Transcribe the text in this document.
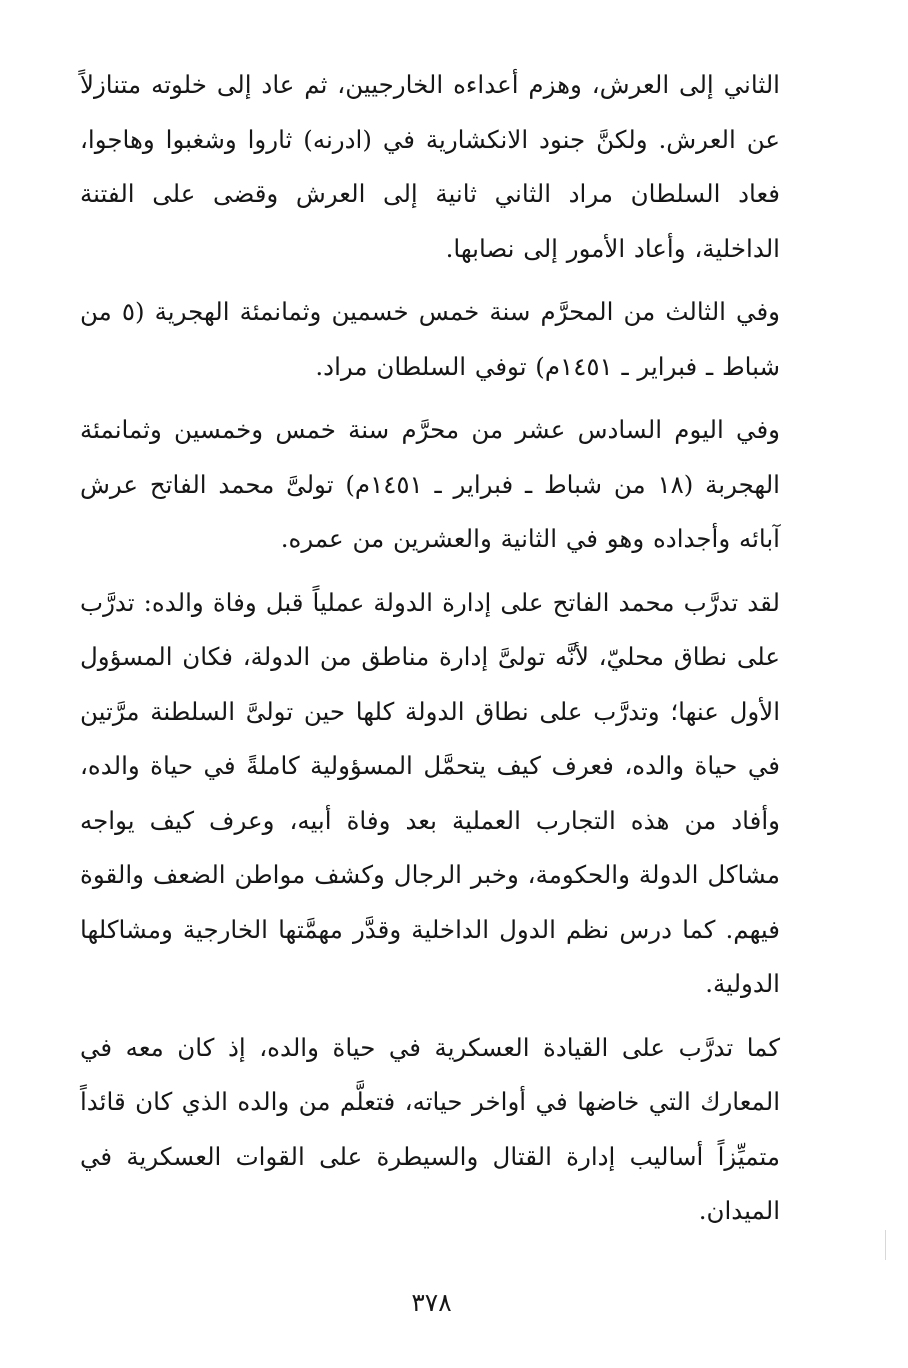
الثاني إلى العرش، وهزم أعداءه الخارجيين، ثم عاد إلى خلوته متنازلاً عن العرش. ولكنَّ جنود الانكشارية في (ادرنه) ثاروا وشغبوا وهاجوا، فعاد السلطان مراد الثاني ثانية إلى العرش وقضى على الفتنة الداخلية، وأعاد الأمور إلى نصابها.

وفي الثالث من المحرَّم سنة خمس خسمين وثمانمئة الهجرية (٥ من شباط ـ فبراير ـ ١٤٥١م) توفي السلطان مراد.

وفي اليوم السادس عشر من محرَّم سنة خمس وخمسين وثمانمئة الهجربة (١٨ من شباط ـ فبراير ـ ١٤٥١م) تولىَّ محمد الفاتح عرش آبائه وأجداده وهو في الثانية والعشرين من عمره.

لقد تدرَّب محمد الفاتح على إدارة الدولة عملياً قبل وفاة والده: تدرَّب على نطاق محليّ، لأنَّه تولىَّ إدارة مناطق من الدولة، فكان المسؤول الأول عنها؛ وتدرَّب على نطاق الدولة كلها حين تولىَّ السلطنة مرَّتين في حياة والده، فعرف كيف يتحمَّل المسؤولية كاملةً في حياة والده، وأفاد من هذه التجارب العملية بعد وفاة أبيه، وعرف كيف يواجه مشاكل الدولة والحكومة، وخبر الرجال وكشف مواطن الضعف والقوة فيهم. كما درس نظم الدول الداخلية وقدَّر مهمَّتها الخارجية ومشاكلها الدولية.

كما تدرَّب على القيادة العسكرية في حياة والده، إذ كان معه في المعارك التي خاضها في أواخر حياته، فتعلَّم من والده الذي كان قائداً متميِّزاً أساليب إدارة القتال والسيطرة على القوات العسكرية في الميدان.

٣٧٨
